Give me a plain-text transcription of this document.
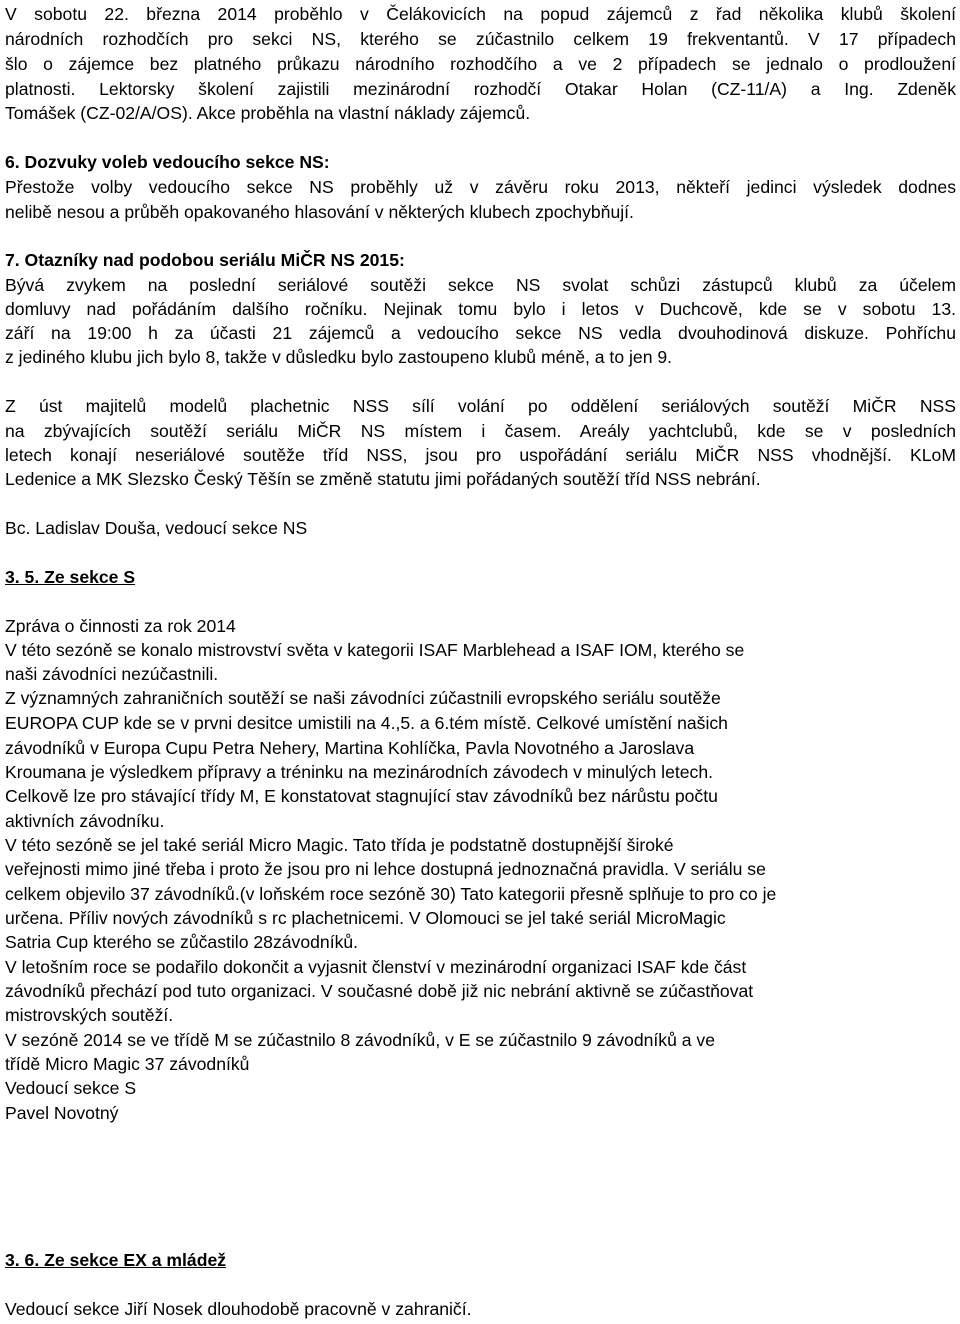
V sobotu 22. března 2014 proběhlo v Čelákovicích na popud zájemců z řad několika klubů školení
národních rozhodčích pro sekci NS, kterého se zúčastnilo celkem 19 frekventantů. V 17 případech
šlo o zájemce bez platného průkazu národního rozhodčího a ve 2 případech se jednalo o prodloužení
platnosti. Lektorsky školení zajistili mezinárodní rozhodčí Otakar Holan (CZ-11/A) a Ing. Zdeněk
Tomášek (CZ-02/A/OS). Akce proběhla na vlastní náklady zájemců.
6. Dozvuky voleb vedoucího sekce NS:
Přestože volby vedoucího sekce NS proběhly už v závěru roku 2013, někteří jedinci výsledek dodnes
nelibě nesou a průběh opakovaného hlasování v některých klubech zpochybňují.
7. Otazníky nad podobou seriálu MiČR NS 2015:
Bývá zvykem na poslední seriálové soutěži sekce NS svolat schůzi zástupců klubů za účelem
domluvy nad pořádáním dalšího ročníku. Nejinak tomu bylo i letos v Duchcově, kde se v sobotu 13.
září na 19:00 h za účasti 21 zájemců a vedoucího sekce NS vedla dvouhodinová diskuze. Pohříchu
z jediného klubu jich bylo 8, takže v důsledku bylo zastoupeno klubů méně, a to jen 9.
Z úst majitelů modelů plachetnic NSS sílí volání po oddělení seriálových soutěží MiČR NSS
na zbývajících soutěží seriálu MiČR NS místem i časem. Areály yachtclubů, kde se v posledních
letech konají neseriálové soutěže tříd NSS, jsou pro uspořádání seriálu MiČR NSS vhodnější. KLoM
Ledenice a MK Slezsko Český Těšín se změně statutu jimi pořádaných soutěží tříd NSS nebrání.
Bc. Ladislav Douša, vedoucí sekce NS
3. 5. Ze sekce S
Zpráva o činnosti za rok 2014
V této sezóně se konalo mistrovství světa v kategorii ISAF Marblehead a ISAF IOM, kterého se
naši závodníci nezúčastnili.
Z významných zahraničních soutěží se naši závodníci zúčastnili evropského seriálu soutěže
EUROPA CUP kde se v prvni desitce umistili na 4.,5. a 6.tém místě. Celkové umístění našich
závodníků v Europa Cupu Petra Nehery, Martina Kohlíčka, Pavla Novotného a Jaroslava
Kroumana je výsledkem přípravy a tréninku na mezinárodních závodech v minulých letech.
Celkově lze pro stávající třídy M, E konstatovat stagnující stav závodníků bez nárůstu počtu
aktivních závodníku.
V této sezóně se jel také seriál Micro Magic. Tato třída je podstatně dostupnější široké
veřejnosti mimo jiné třeba i proto že jsou pro ni lehce dostupná jednoznačná pravidla. V seriálu se
celkem objevilo 37 závodníků.(v loňském roce sezóně 30) Tato kategorii přesně splňuje to pro co je
určena. Příliv nových závodníků s rc plachetnicemi. V Olomouci se jel také seriál MicroMagic
Satria Cup kterého se zůčastilo 28závodníků.
V letošním roce se podařilo dokončit a vyjasnit členství v mezinárodní organizaci ISAF kde část
závodníků přechází pod tuto organizaci. V současné době již nic nebrání aktivně se zúčastňovat
mistrovských soutěží.
V sezóně 2014 se ve třídě M se zúčastnilo 8 závodníků, v E se zúčastnilo 9 závodníků a ve
třídě Micro Magic 37 závodníků
Vedoucí sekce S
Pavel Novotný
3. 6. Ze sekce EX a mládež
Vedoucí sekce Jiří Nosek dlouhodobě pracovně v zahraničí.
